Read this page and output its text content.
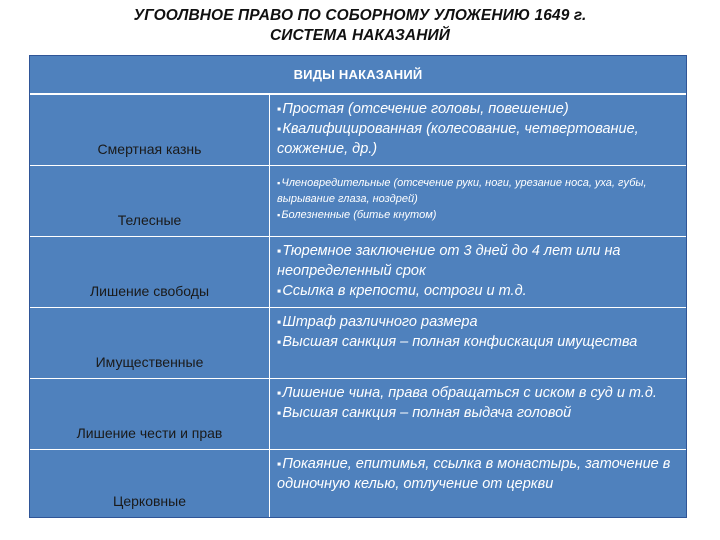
УГООЛВНОЕ ПРАВО ПО СОБОРНОМУ УЛОЖЕНИЮ 1649 г.
СИСТЕМА НАКАЗАНИЙ
ВИДЫ НАКАЗАНИЙ
Смертная казнь
▪ Простая (отсечение головы, повешение)
▪ Квалифицированная (колесование, четвертование, сожжение, др.)
Телесные
▪ Членовредительные (отсечение руки, ноги, урезание носа, уха, губы, вырывание глаза, ноздрей)
▪ Болезненные (битье кнутом)
Лишение свободы
▪ Тюремное заключение от 3 дней до 4 лет или на неопределенный срок
▪ Ссылка в крепости, остроги и т.д.
Имущественные
▪ Штраф различного размера
▪ Высшая санкция – полная конфискация имущества
Лишение чести и прав
▪ Лишение чина, права обращаться с иском в суд и т.д.
▪ Высшая санкция – полная выдача головой
Церковные
▪ Покаяние, епитимья, ссылка в монастырь, заточение в одиночную келью, отлучение от церкви
